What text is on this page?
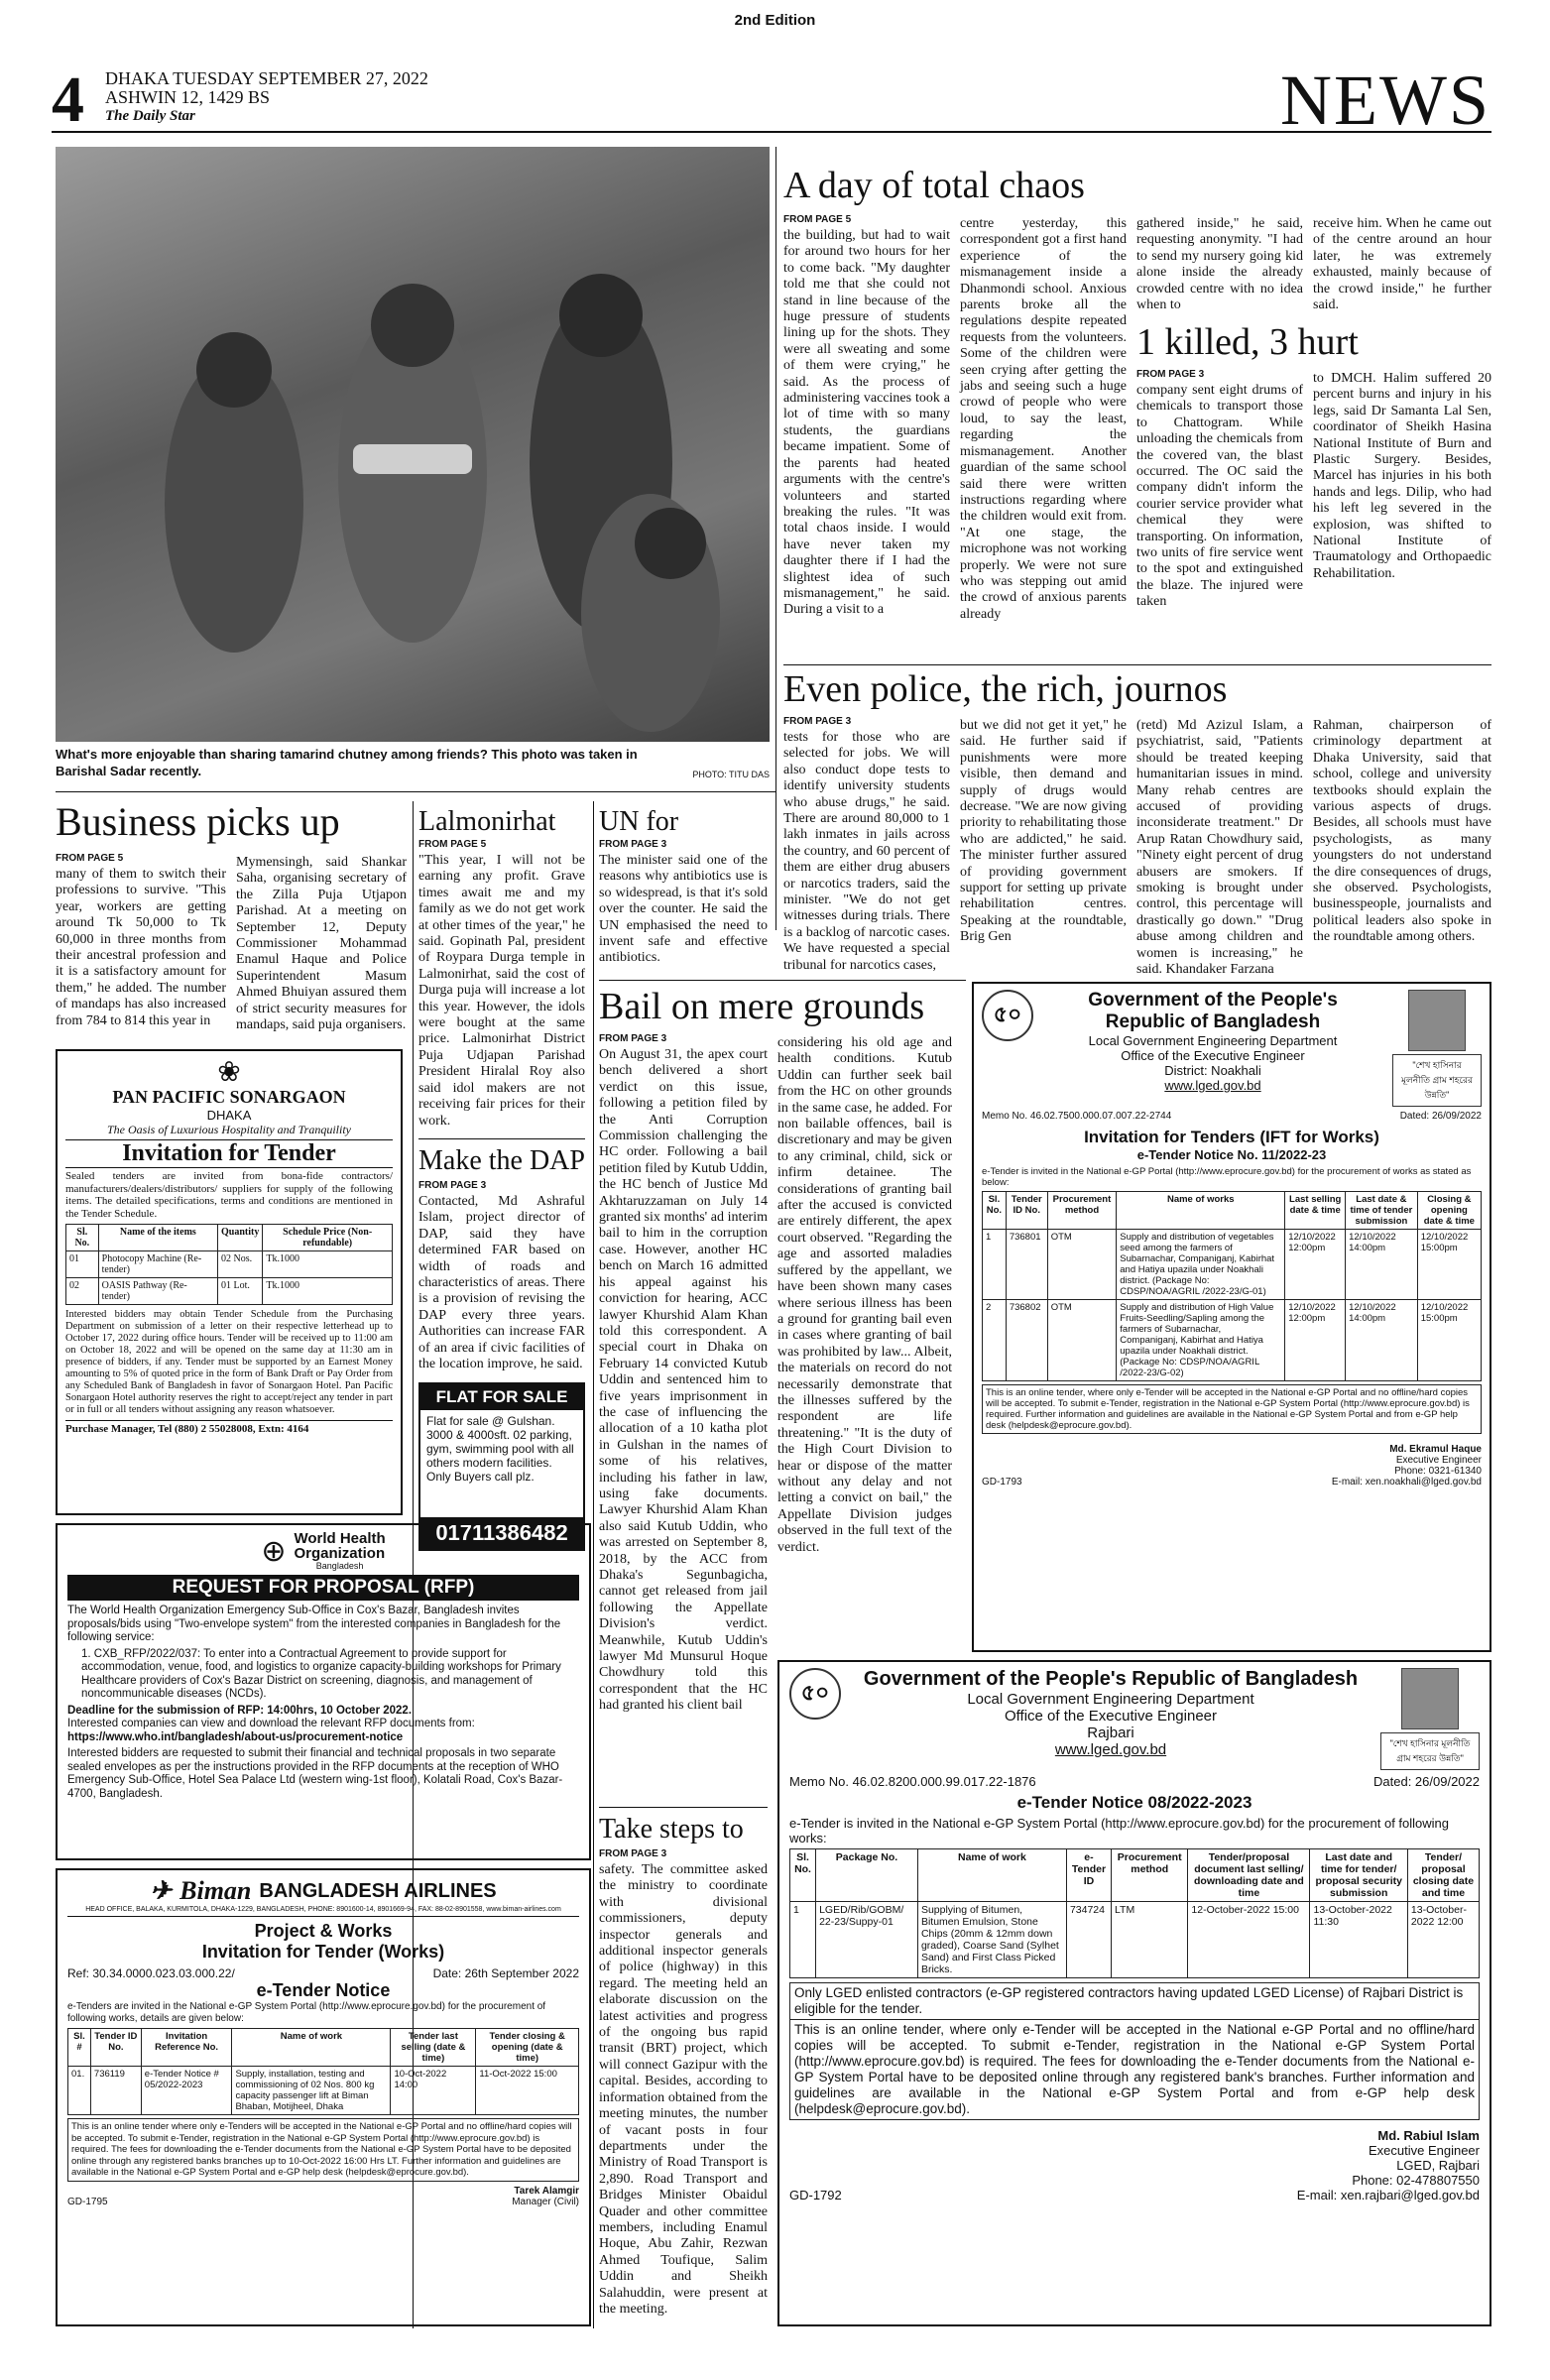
2nd Edition
4 DHAKA TUESDAY SEPTEMBER 27, 2022
ASHWIN 12, 1429 BS
The Daily Star	NEWS
What's more enjoyable than sharing tamarind chutney among friends? This photo was taken in Barishal Sadar recently.	PHOTO: TITU DAS
A day of total chaos
FROM PAGE 5
the building, but had to wait for around two hours for her to come back. "My daughter told me that she could not stand in line because of the huge pressure of students lining up for the shots. They were all sweating and some of them were crying," he said. As the process of administering vaccines took a lot of time with so many students, the guardians became impatient. Some of the parents had heated arguments with the centre's volunteers and started breaking the rules. "It was total chaos inside. I would have never taken my daughter there if I had the slightest idea of such mismanagement," he said. During a visit to a
centre yesterday, this correspondent got a first hand experience of the mismanagement inside a Dhanmondi school. Anxious parents broke all the regulations despite repeated requests from the volunteers. Some of the children were seen crying after getting the jabs and seeing such a huge crowd of people who were loud, to say the least, regarding the mismanagement. Another guardian of the same school said there were written instructions regarding where the children would exit from. "At one stage, the microphone was not working properly. We were not sure who was stepping out amid the crowd of anxious parents already
gathered inside," he said, requesting anonymity. "I had to send my nursery going kid alone inside the already crowded centre with no idea when to
receive him. When he came out of the centre around an hour later, he was extremely exhausted, mainly because of the crowd inside," he further said.
1 killed, 3 hurt
FROM PAGE 3
company sent eight drums of chemicals to transport those to Chattogram. While unloading the chemicals from the covered van, the blast occurred. The OC said the company didn't inform the courier service provider what chemical they were transporting. On information, two units of fire service went to the spot and extinguished the blaze. The injured were taken
to DMCH. Halim suffered 20 percent burns and injury in his legs, said Dr Samanta Lal Sen, coordinator of Sheikh Hasina National Institute of Burn and Plastic Surgery. Besides, Marcel has injuries in his both hands and legs. Dilip, who had his left leg severed in the explosion, was shifted to National Institute of Traumatology and Orthopaedic Rehabilitation.
Even police, the rich, journos
FROM PAGE 3
tests for those who are selected for jobs. We will also conduct dope tests to identify university students who abuse drugs," he said. There are around 80,000 to 1 lakh inmates in jails across the country, and 60 percent of them are either drug abusers or narcotics traders, said the minister. "We do not get witnesses during trials. There is a backlog of narcotic cases. We have requested a special tribunal for narcotics cases,
but we did not get it yet," he said. He further said if punishments were more visible, then demand and supply of drugs would decrease. "We are now giving priority to rehabilitating those who are addicted," he said. The minister further assured of providing government support for setting up private rehabilitation centres. Speaking at the roundtable, Brig Gen
(retd) Md Azizul Islam, a psychiatrist, said, "Patients should be treated keeping humanitarian issues in mind. Many rehab centres are accused of providing inconsiderate treatment." Dr Arup Ratan Chowdhury said, "Ninety eight percent of drug abusers are smokers. If smoking is brought under control, this percentage will drastically go down." "Drug abuse among children and women is increasing," he said. Khandaker Farzana
Rahman, chairperson of criminology department at Dhaka University, said that school, college and university textbooks should explain the various aspects of drugs. Besides, all schools must have psychologists, as many youngsters do not understand the dire consequences of drugs, she observed. Psychologists, businesspeople, journalists and political leaders also spoke in the roundtable among others.
Business picks up
FROM PAGE 5
many of them to switch their professions to survive. "This year, workers are getting around Tk 50,000 to Tk 60,000 in three months from their ancestral profession and it is a satisfactory amount for them," he added. The number of mandaps has also increased from 784 to 814 this year in
Mymensingh, said Shankar Saha, organising secretary of the Zilla Puja Utjapon Parishad. At a meeting on September 12, Deputy Commissioner Mohammad Enamul Haque and Police Superintendent Masum Ahmed Bhuiyan assured them of strict security measures for mandaps, said puja organisers.
Lalmonirhat
FROM PAGE 5
"This year, I will not be earning any profit. Grave times await me and my family as we do not get work at other times of the year," he said. Gopinath Pal, president of Roypara Durga temple in Lalmonirhat, said the cost of Durga puja will increase a lot this year. However, the idols were bought at the same price. Lalmonirhat District Puja Udjapan Parishad President Hiralal Roy also said idol makers are not receiving fair prices for their work.
UN for
FROM PAGE 3
The minister said one of the reasons why antibiotics use is so widespread, is that it's sold over the counter. He said the UN emphasised the need to invent safe and effective antibiotics.
Make the DAP
FROM PAGE 3
Contacted, Md Ashraful Islam, project director of DAP, said they have determined FAR based on width of roads and characteristics of areas. There is a provision of revising the DAP every three years. Authorities can increase FAR of an area if civic facilities of the location improve, he said.
FLAT FOR SALE
Flat for sale @ Gulshan. 3000 & 4000sft. 02 parking, gym, swimming pool with all others modern facilities. Only Buyers call plz.
01711386482
Bail on mere grounds
FROM PAGE 3
On August 31, the apex court bench delivered a short verdict on this issue, following a petition filed by the Anti Corruption Commission challenging the HC order. Following a bail petition filed by Kutub Uddin, the HC bench of Justice Md Akhtaruzzaman on July 14 granted six months' ad interim bail to him in the corruption case. However, another HC bench on March 16 admitted his appeal against his conviction for hearing, ACC lawyer Khurshid Alam Khan told this correspondent. A special court in Dhaka on February 14 convicted Kutub Uddin and sentenced him to five years imprisonment in the case of influencing the allocation of a 10 katha plot in Gulshan in the names of some of his relatives, including his father in law, using fake documents. Lawyer Khurshid Alam Khan also said Kutub Uddin, who was arrested on September 8, 2018, by the ACC from Dhaka's Segunbagicha, cannot get released from jail following the Appellate Division's verdict. Meanwhile, Kutub Uddin's lawyer Md Munsurul Hoque Chowdhury told this correspondent that the HC had granted his client bail
considering his old age and health conditions. Kutub Uddin can further seek bail from the HC on other grounds in the same case, he added. For non bailable offences, bail is discretionary and may be given to any criminal, child, sick or infirm detainee. The considerations of granting bail after the accused is convicted are entirely different, the apex court observed. "Regarding the age and assorted maladies suffered by the appellant, we have been shown many cases where serious illness has been a ground for granting bail even in cases where granting of bail was prohibited by law... Albeit, the materials on record do not necessarily demonstrate that the illnesses suffered by the respondent are life threatening." "It is the duty of the High Court Division to hear or dispose of the matter without any delay and not letting a convict on bail," the Appellate Division judges observed in the full text of the verdict.
Take steps to
FROM PAGE 3
safety. The committee asked the ministry to coordinate with divisional commissioners, deputy inspector generals and additional inspector generals of police (highway) in this regard. The meeting held an elaborate discussion on the latest activities and progress of the ongoing bus rapid transit (BRT) project, which will connect Gazipur with the capital. Besides, according to information obtained from the meeting minutes, the number of vacant posts in four departments under the Ministry of Road Transport is 2,890. Road Transport and Bridges Minister Obaidul Quader and other committee members, including Enamul Hoque, Abu Zahir, Rezwan Ahmed Toufique, Salim Uddin and Sheikh Salahuddin, were present at the meeting.
❀
PAN PACIFIC SONARGAON
DHAKA
The Oasis of Luxurious Hospitality and Tranquility
Invitation for Tender
Sealed tenders are invited from bona-fide contractors/ manufacturers/dealers/distributors/ suppliers for supply of the following items. The detailed specifications, terms and conditions are mentioned in the Tender Schedule.
Sl. No.	Name of the items	Quantity	Schedule Price (Non-refundable)
01	Photocopy Machine (Re-tender)	02 Nos.	Tk.1000
02	OASIS Pathway (Re-tender)	01 Lot.	Tk.1000
Interested bidders may obtain Tender Schedule from the Purchasing Department on submission of a letter on their respective letterhead up to October 17, 2022 during office hours. Tender will be received up to 11:00 am on October 18, 2022 and will be opened on the same day at 11:30 am in presence of bidders, if any. Tender must be supported by an Earnest Money amounting to 5% of quoted price in the form of Bank Draft or Pay Order from any Scheduled Bank of Bangladesh in favor of Sonargaon Hotel. Pan Pacific Sonargaon Hotel authority reserves the right to accept/reject any tender in part or in full or all tenders without assigning any reason whatsoever.
Purchase Manager, Tel (880) 2 55028008, Extn: 4164
⊕ World Health
Organization
Bangladesh
REQUEST FOR PROPOSAL (RFP)
The World Health Organization Emergency Sub-Office in Cox's Bazar, Bangladesh invites proposals/bids using "Two-envelope system" from the interested companies in Bangladesh for the following service:
1. CXB_RFP/2022/037: To enter into a Contractual Agreement to provide support for accommodation, venue, food, and logistics to organize capacity-building workshops for Primary Healthcare providers of Cox's Bazar District on screening, diagnosis, and management of noncommunicable diseases (NCDs).
Deadline for the submission of RFP: 14:00hrs, 10 October 2022.
Interested companies can view and download the relevant RFP documents from:
https://www.who.int/bangladesh/about-us/procurement-notice
Interested bidders are requested to submit their financial and technical proposals in two separate sealed envelopes as per the instructions provided in the RFP documents at the reception of WHO Emergency Sub-Office, Hotel Sea Palace Ltd (western wing-1st floor), Kolatali Road, Cox's Bazar-4700, Bangladesh.
✈ Biman BANGLADESH AIRLINES
HEAD OFFICE, BALAKA, KURMITOLA, DHAKA-1229, BANGLADESH, PHONE: 8901600-14, 8901669-94, FAX: 88-02-8901558, www.biman-airlines.com
Project & Works
Invitation for Tender (Works)
Ref: 30.34.0000.023.03.000.22/	Date: 26th September 2022
e-Tender Notice
e-Tenders are invited in the National e-GP System Portal (http://www.eprocure.gov.bd) for the procurement of following works, details are given below:
Sl. #	Tender ID No.	Invitation Reference No.	Name of work	Tender last selling (date & time)	Tender closing & opening (date & time)
01.	736119	e-Tender Notice # 05/2022-2023	Supply, installation, testing and commissioning of 02 Nos. 800 kg capacity passenger lift at Biman Bhaban, Motijheel, Dhaka	10-Oct-2022 14:00	11-Oct-2022 15:00
This is an online tender where only e-Tenders will be accepted in the National e-GP Portal and no offline/hard copies will be accepted. To submit e-Tender, registration in the National e-GP System Portal (http://www.eprocure.gov.bd) is required. The fees for downloading the e-Tender documents from the National e-GP System Portal have to be deposited online through any registered banks branches up to 10-Oct-2022 16:00 Hrs LT. Further information and guidelines are available in the National e-GP System Portal and e-GP help desk (helpdesk@eprocure.gov.bd).
GD-1795
Tarek Alamgir
Manager (Civil)
৫০
Government of the People's
Republic of Bangladesh
Local Government Engineering Department
Office of the Executive Engineer
District: Noakhali
www.lged.gov.bd
"শেখ হাসিনার মূলনীতি গ্রাম শহরের উন্নতি"
Memo No. 46.02.7500.000.07.007.22-2744	Dated: 26/09/2022
Invitation for Tenders (IFT for Works)
e-Tender Notice No. 11/2022-23
e-Tender is invited in the National e-GP Portal (http://www.eprocure.gov.bd) for the procurement of works as stated as below:
Sl. No.	Tender ID No.	Procurement method	Name of works	Last selling date & time	Last date & time of tender submission	Closing & opening date & time
1	736801	OTM	Supply and distribution of vegetables seed among the farmers of Subarnachar, Companiganj, Kabirhat and Hatiya upazila under Noakhali district. (Package No: CDSP/NOA/AGRIL /2022-23/G-01)	12/10/2022 12:00pm	12/10/2022 14:00pm	12/10/2022 15:00pm
2	736802	OTM	Supply and distribution of High Value Fruits-Seedling/Sapling among the farmers of Subarnachar, Companiganj, Kabirhat and Hatiya upazila under Noakhali district. (Package No: CDSP/NOA/AGRIL /2022-23/G-02)	12/10/2022 12:00pm	12/10/2022 14:00pm	12/10/2022 15:00pm
This is an online tender, where only e-Tender will be accepted in the National e-GP Portal and no offline/hard copies will be accepted. To submit e-Tender, registration in the National e-GP System Portal (http://www.eprocure.gov.bd) is required. Further information and guidelines are available in the National e-GP System Portal and from e-GP help desk (helpdesk@eprocure.gov.bd).
GD-1793
Md. Ekramul Haque
Executive Engineer
Phone: 0321-61340
E-mail: xen.noakhali@lged.gov.bd
৫০
Government of the People's Republic of Bangladesh
Local Government Engineering Department
Office of the Executive Engineer
Rajbari
www.lged.gov.bd	"শেখ হাসিনার মূলনীতি গ্রাম শহরের উন্নতি"
Memo No. 46.02.8200.000.99.017.22-1876	Dated: 26/09/2022
e-Tender Notice 08/2022-2023
e-Tender is invited in the National e-GP System Portal (http://www.eprocure.gov.bd) for the procurement of following works:
Sl. No.	Package No.	Name of work	e-Tender ID	Procurement method	Tender/proposal document last selling/ downloading date and time	Last date and time for tender/ proposal security submission	Tender/ proposal closing date and time
1	LGED/Rib/GOBM/ 22-23/Suppy-01	Supplying of Bitumen, Bitumen Emulsion, Stone Chips (20mm & 12mm down graded), Coarse Sand (Sylhet Sand) and First Class Picked Bricks.	734724	LTM	12-October-2022 15:00	13-October-2022 11:30	13-October-2022 12:00
Only LGED enlisted contractors (e-GP registered contractors having updated LGED License) of Rajbari District is eligible for the tender.
This is an online tender, where only e-Tender will be accepted in the National e-GP Portal and no offline/hard copies will be accepted. To submit e-Tender, registration in the National e-GP System Portal (http://www.eprocure.gov.bd) is required. The fees for downloading the e-Tender documents from the National e-GP System Portal have to be deposited online through any registered bank's branches. Further information and guidelines are available in the National e-GP System Portal and from e-GP help desk (helpdesk@eprocure.gov.bd).
GD-1792
Md. Rabiul Islam
Executive Engineer
LGED, Rajbari
Phone: 02-478807550
E-mail: xen.rajbari@lged.gov.bd
